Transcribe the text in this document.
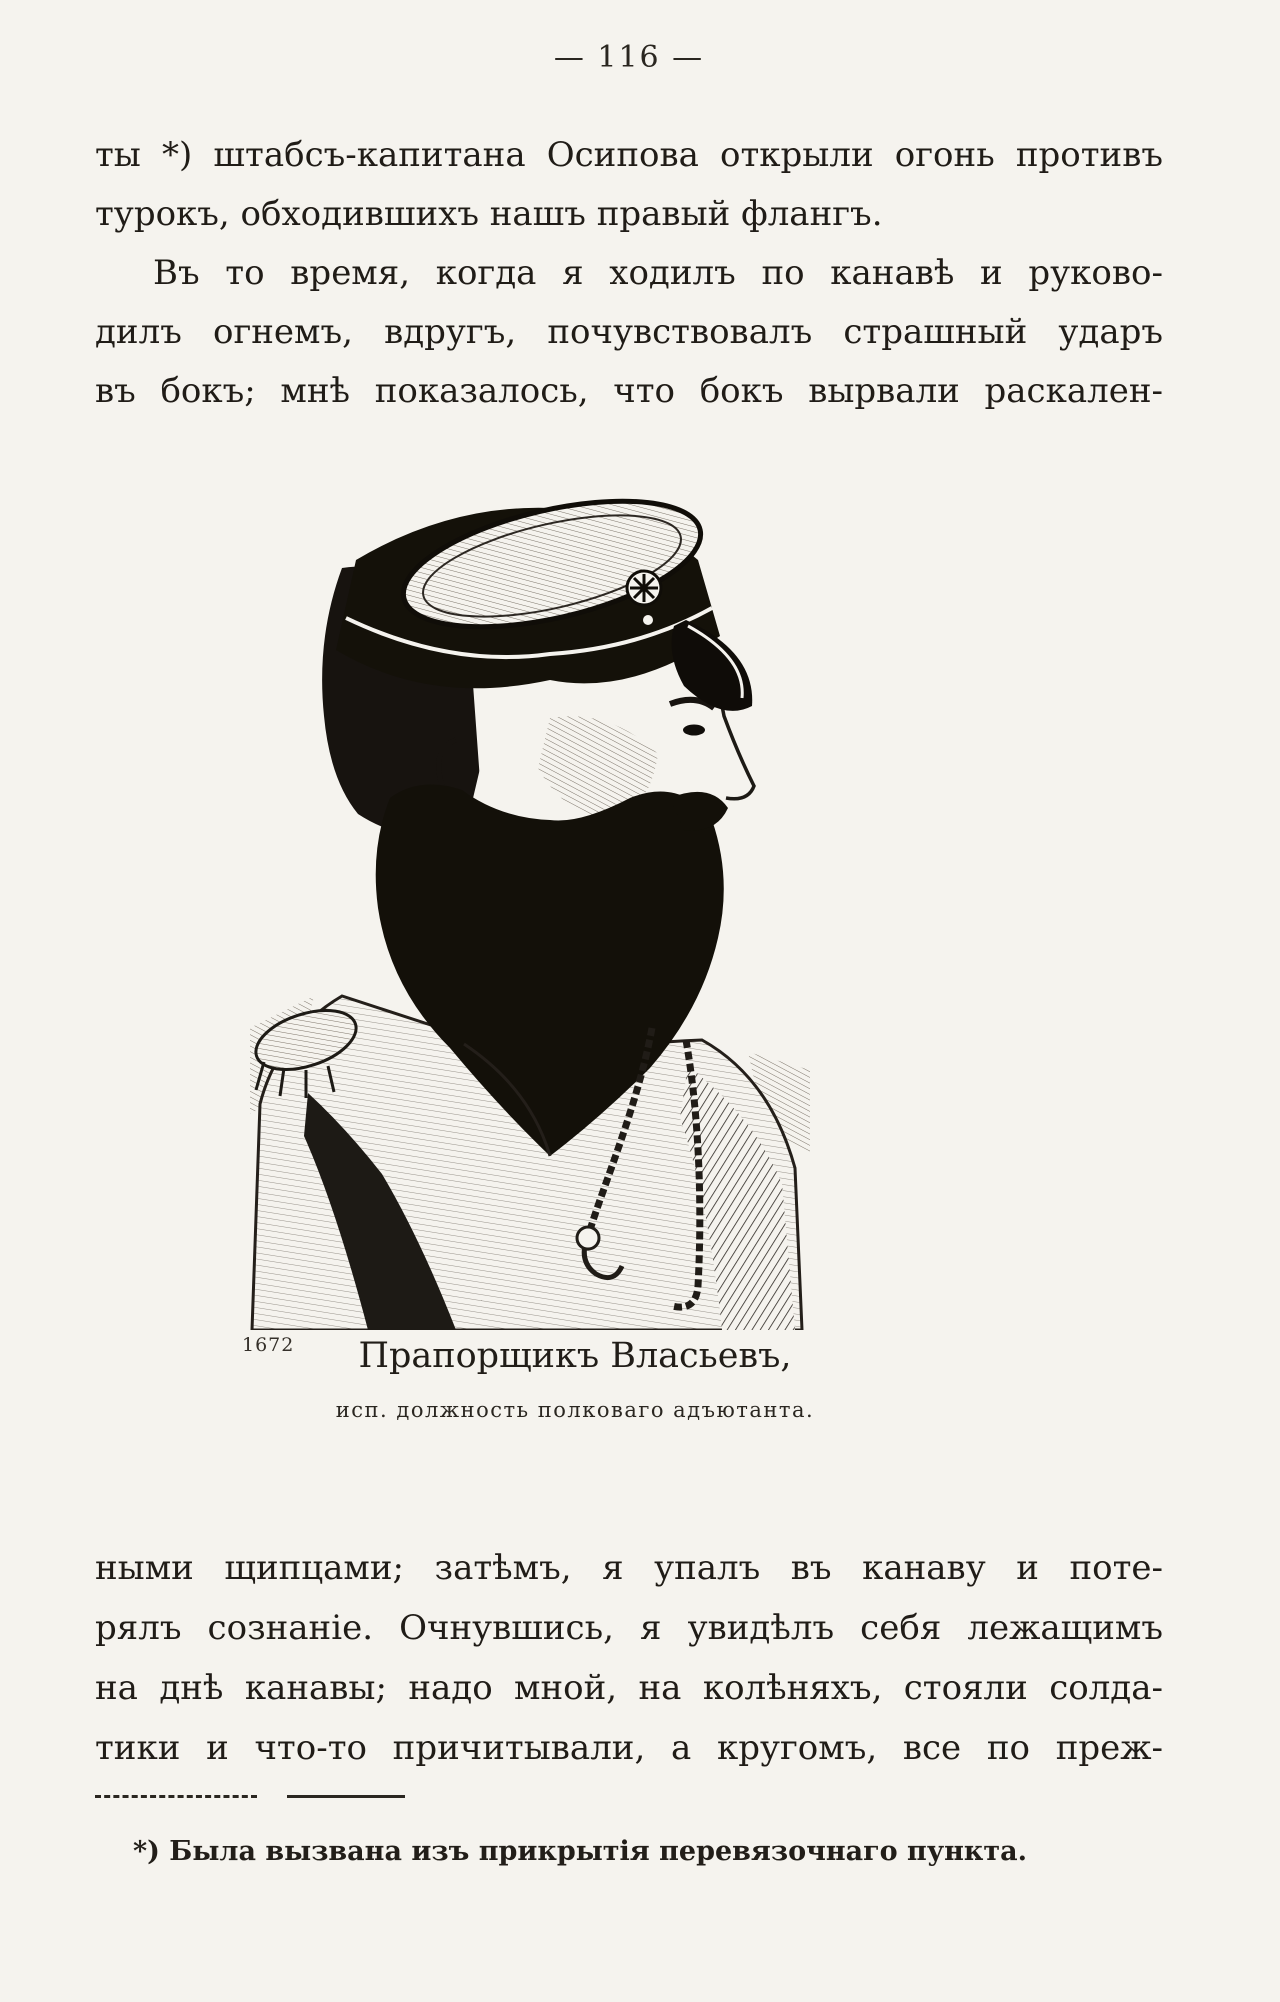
— 116 —
ты *) штабсъ-капитана Осипова открыли огонь противъ
турокъ, обходившихъ нашъ правый флангъ.
Въ то время, когда я ходилъ по канавѣ и руково-
дилъ огнемъ, вдругъ, почувствовалъ страшный ударъ
въ бокъ; мнѣ показалось, что бокъ вырвали раскален-
1672	Прапорщикъ Власьевъ,
исп. должность полковаго адъютанта.
ными щипцами; затѣмъ, я упалъ въ канаву и поте-
рялъ сознаніе. Очнувшись, я увидѣлъ себя лежащимъ
на днѣ канавы; надо мной, на колѣняхъ, стояли солда-
тики и что-то причитывали, а кругомъ, все по преж-
*) Была вызвана изъ прикрытія перевязочнаго пункта.
